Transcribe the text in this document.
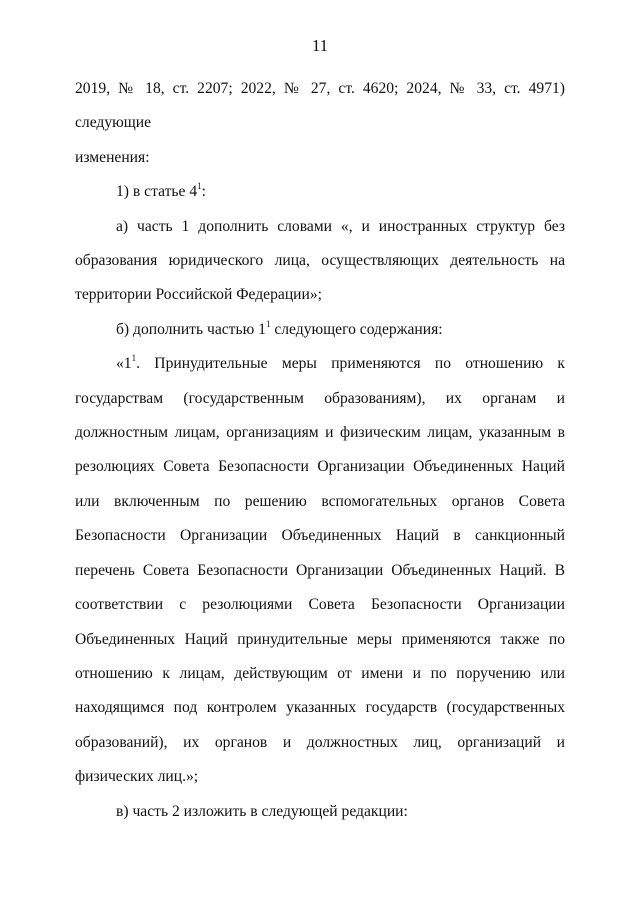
11

2019, № 18, ст. 2207; 2022, № 27, ст. 4620; 2024, № 33, ст. 4971) следующие

изменения:

1) в статье $4^1$:

а) часть 1 дополнить словами «, и иностранных структур без образования юридического лица, осуществляющих деятельность на территории Российской Федерации»;

б) дополнить частью $1^1$ следующего содержания:

«$1^1$. Принудительные меры применяются по отношению к государствам (государственным образованиям), их органам и должностным лицам, организациям и физическим лицам, указанным в резолюциях Совета Безопасности Организации Объединенных Наций или включенным по решению вспомогательных органов Совета Безопасности Организации Объединенных Наций в санкционный перечень Совета Безопасности Организации Объединенных Наций. В соответствии с резолюциями Совета Безопасности Организации Объединенных Наций принудительные меры применяются также по отношению к лицам, действующим от имени и по поручению или находящимся под контролем указанных государств (государственных образований), их органов и должностных лиц, организаций и физических лиц.»;

в) часть 2 изложить в следующей редакции:
